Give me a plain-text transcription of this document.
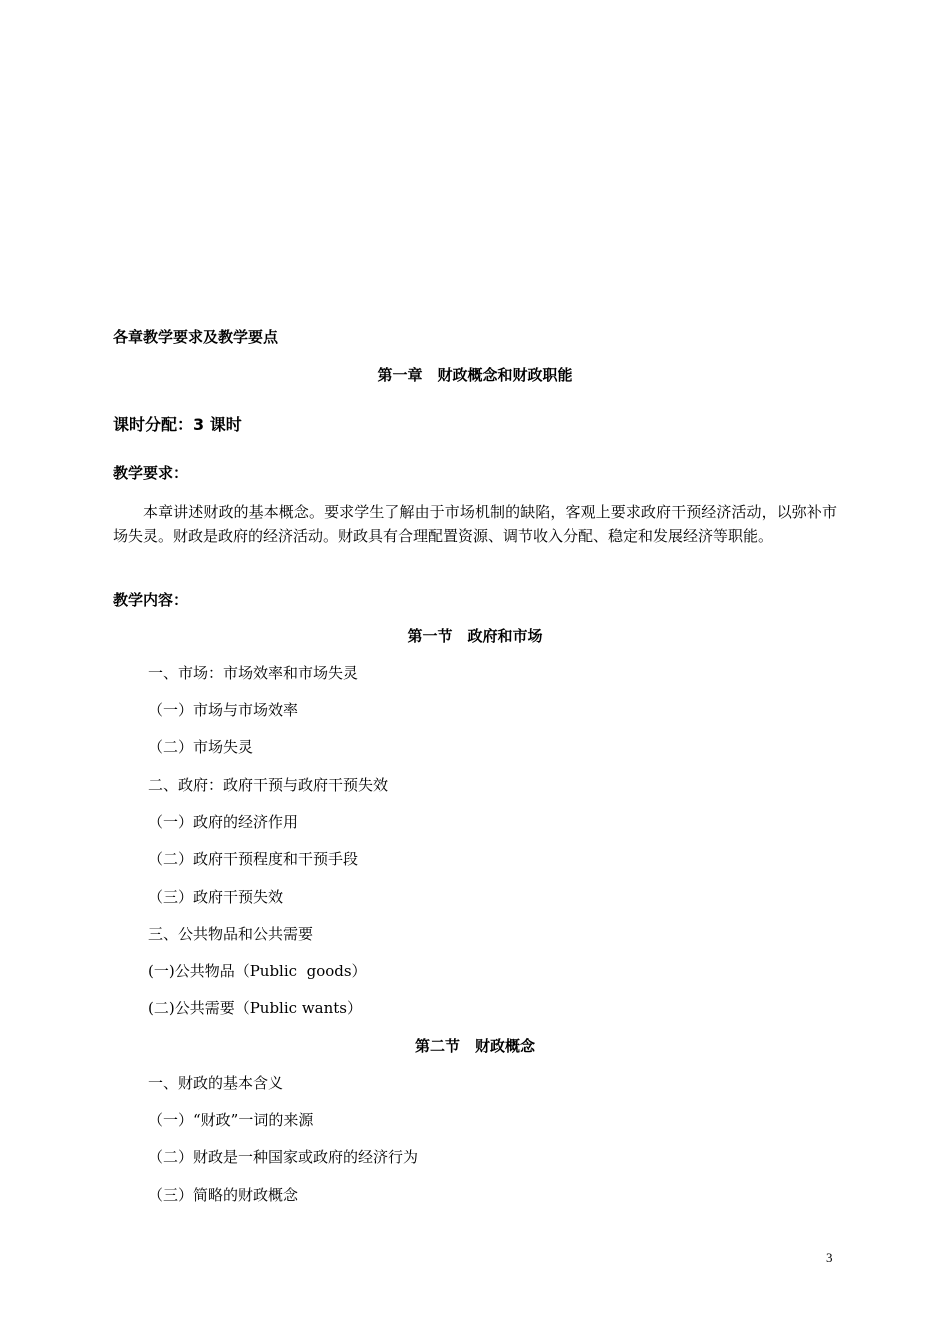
各章教学要求及教学要点
第一章　财政概念和财政职能
课时分配：3 课时
教学要求：
本章讲述财政的基本概念。要求学生了解由于市场机制的缺陷，客观上要求政府干预经济活动，以弥补市场失灵。财政是政府的经济活动。财政具有合理配置资源、调节收入分配、稳定和发展经济等职能。
教学内容：
第一节　政府和市场
一、市场：市场效率和市场失灵
（一）市场与市场效率
（二）市场失灵
二、政府：政府干预与政府干预失效
（一）政府的经济作用
（二）政府干预程度和干预手段
（三）政府干预失效
三、公共物品和公共需要
(一)公共物品（Public  goods）
(二)公共需要（Public wants）
第二节　财政概念
一、财政的基本含义
（一）“财政”一词的来源
（二）财政是一种国家或政府的经济行为
（三）简略的财政概念
3
